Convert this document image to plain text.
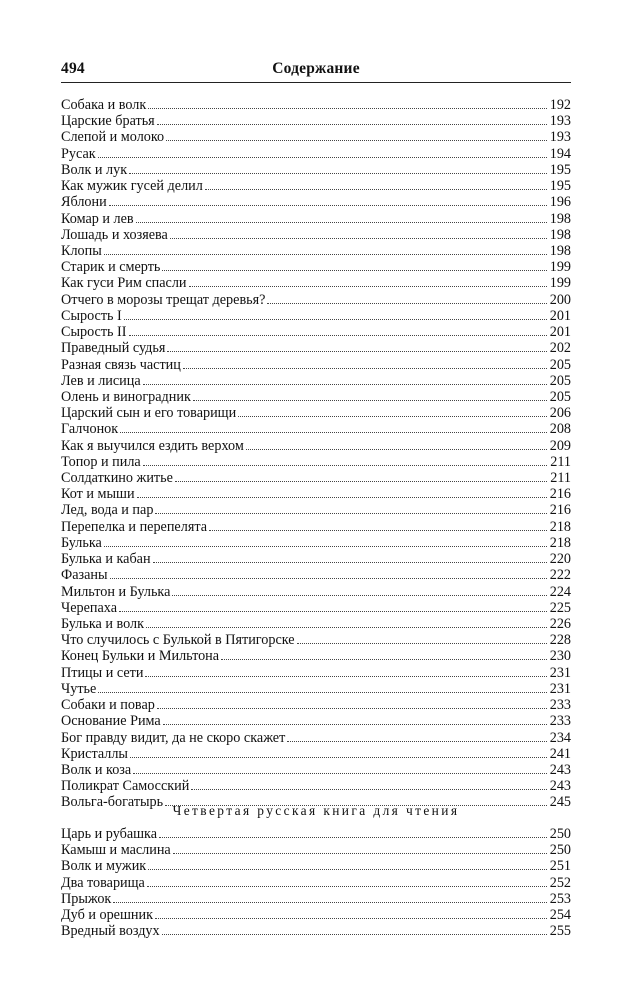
494	Содержание
Собака и волк	192
Царские братья	193
Слепой и молоко	193
Русак	194
Волк и лук	195
Как мужик гусей делил	195
Яблони	196
Комар и лев	198
Лошадь и хозяева	198
Клопы	198
Старик и смерть	199
Как гуси Рим спасли	199
Отчего в морозы трещат деревья?	200
Сырость I	201
Сырость II	201
Праведный судья	202
Разная связь частиц	205
Лев и лисица	205
Олень и виноградник	205
Царский сын и его товарищи	206
Галчонок	208
Как я выучился ездить верхом	209
Топор и пила	211
Солдаткино житье	211
Кот и мыши	216
Лед, вода и пар	216
Перепелка и перепелята	218
Булька	218
Булька и кабан	220
Фазаны	222
Мильтон и Булька	224
Черепаха	225
Булька и волк	226
Что случилось с Булькой в Пятигорске	228
Конец Бульки и Мильтона	230
Птицы и сети	231
Чутье	231
Собаки и повар	233
Основание Рима	233
Бог правду видит, да не скоро скажет	234
Кристаллы	241
Волк и коза	243
Поликрат Самосский	243
Вольга-богатырь	245
Четвертая русская книга для чтения
Царь и рубашка	250
Камыш и маслина	250
Волк и мужик	251
Два товарища	252
Прыжок	253
Дуб и орешник	254
Вредный воздух	255
